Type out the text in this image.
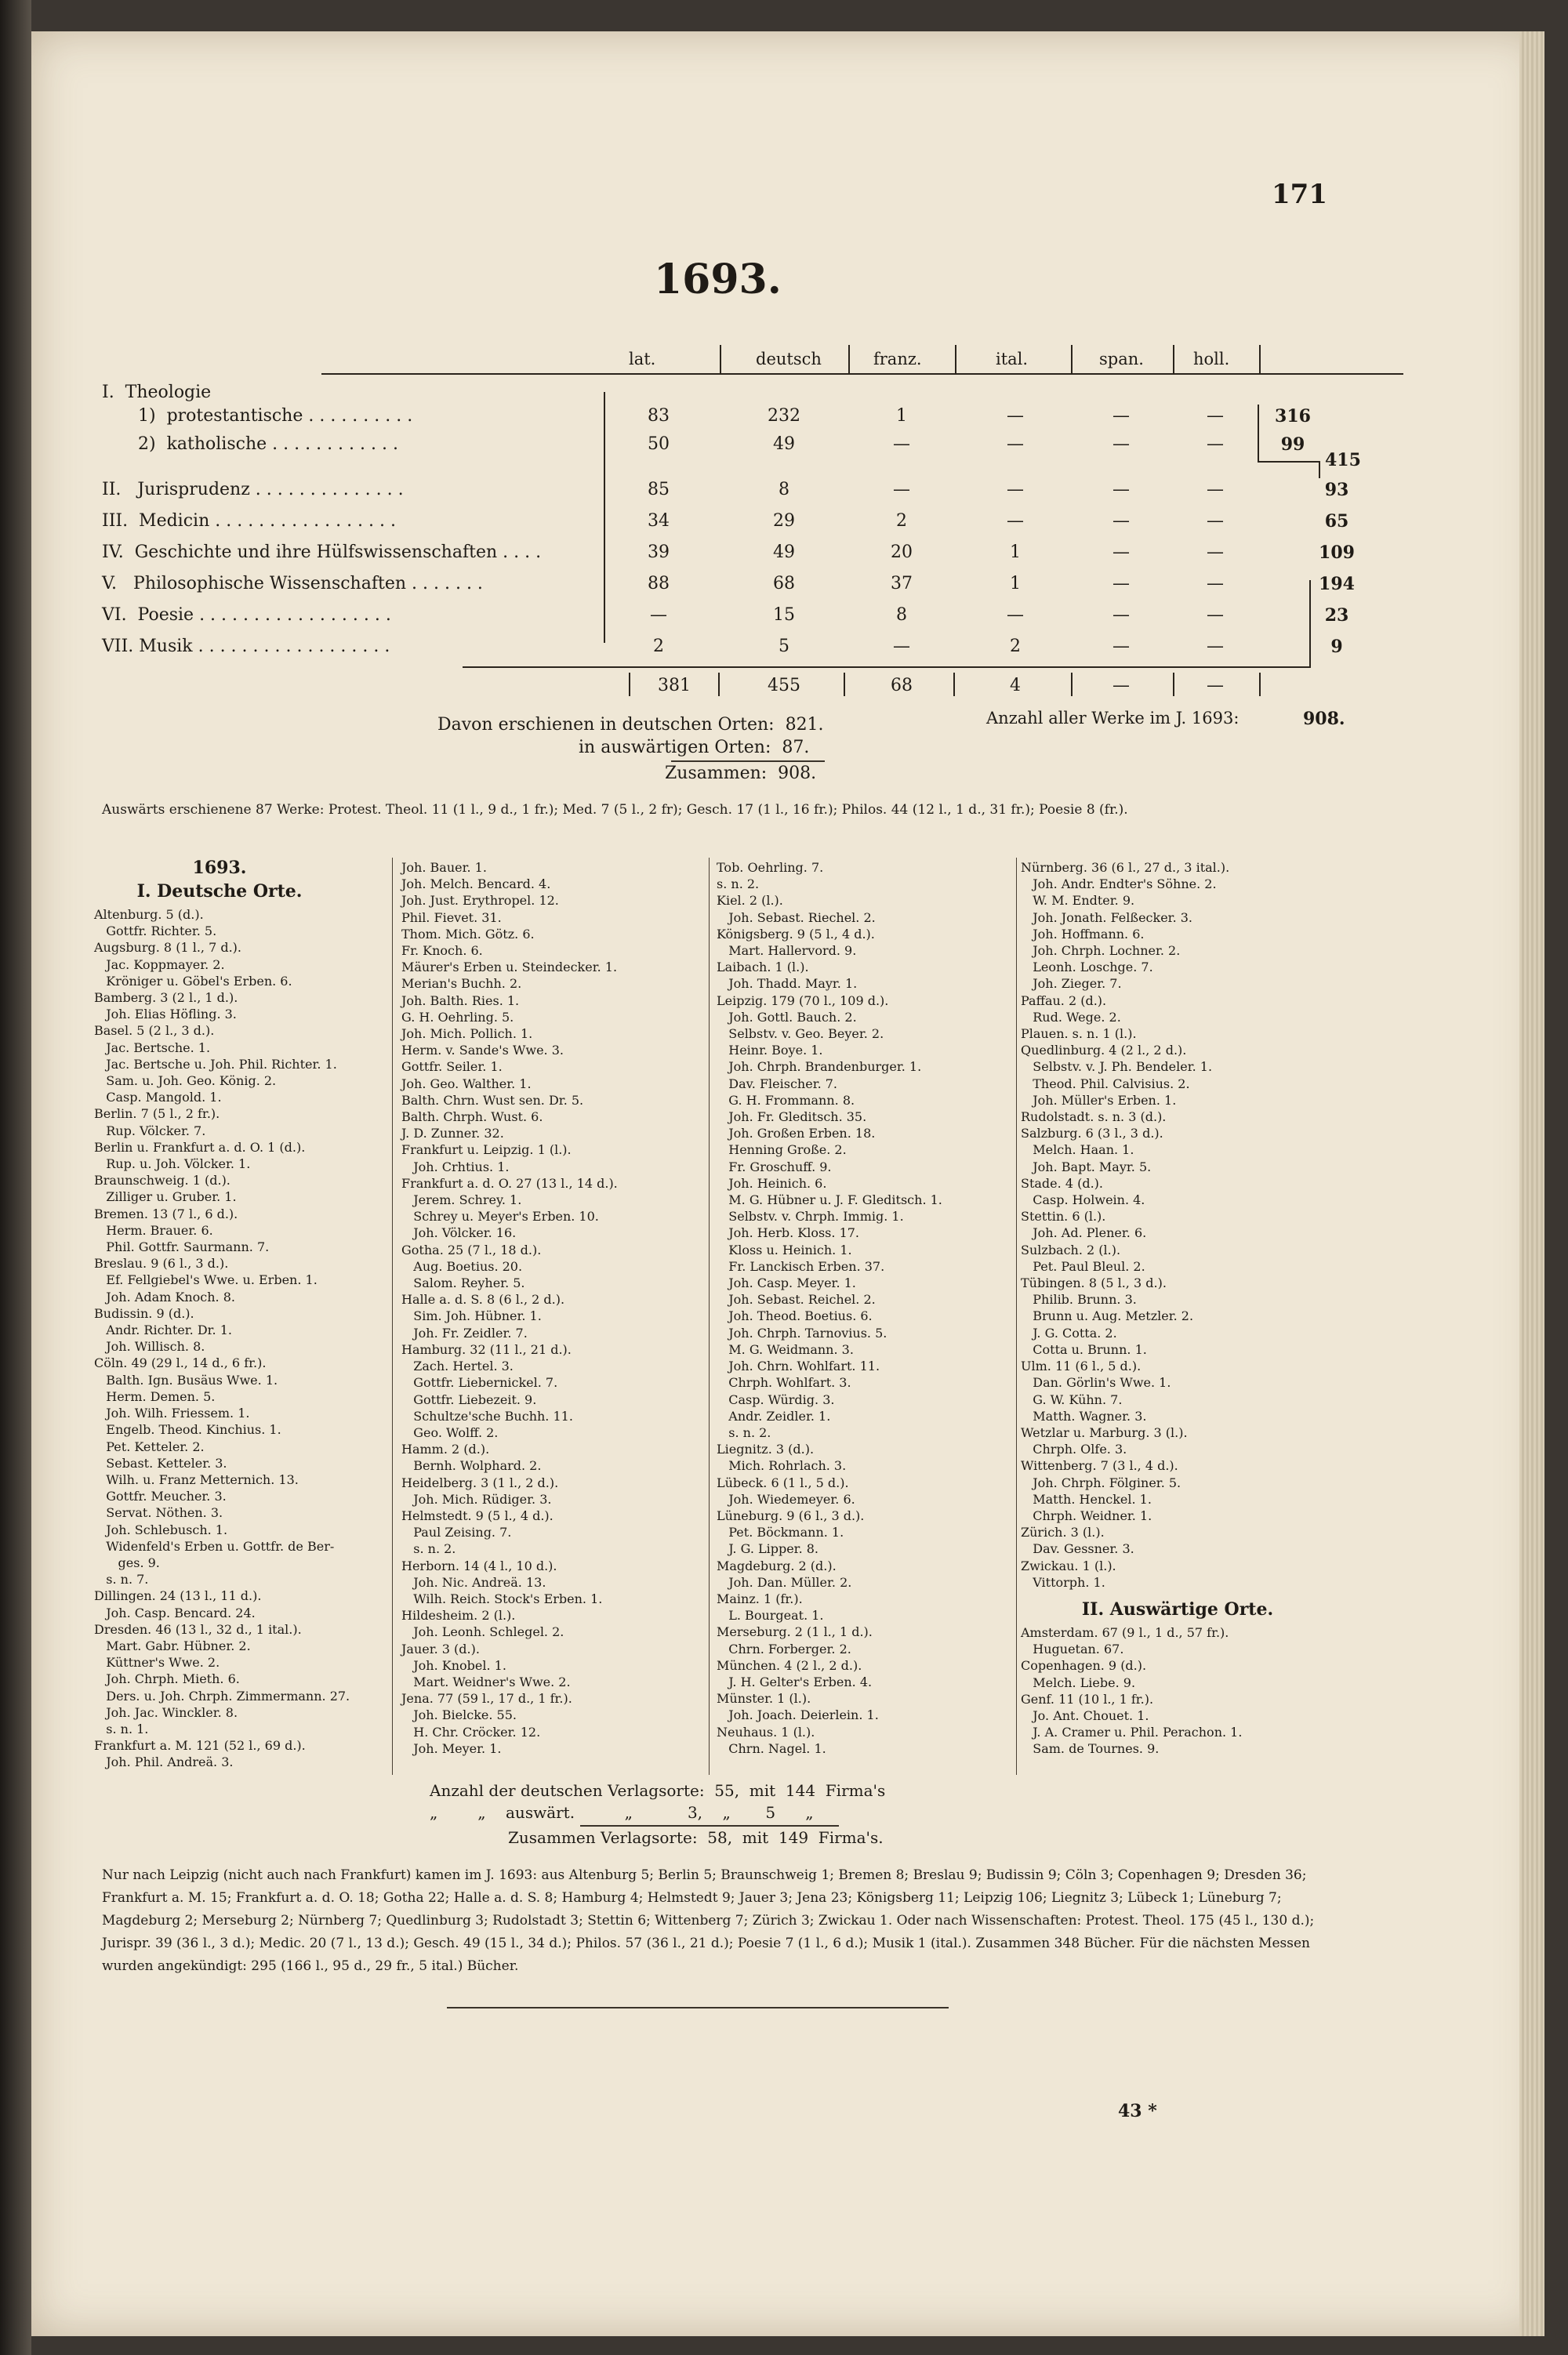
171
1693.
lat.	deutsch	franz.	ital.	span.	holl.
I.  Theologie
1)  protestantische . . . . . . . . . .	83	232	1	—	—	—	316
2)  katholische . . . . . . . . . . . .	50	49	—	—	—	—	99
415
II.   Jurisprudenz . . . . . . . . . . . . . .	85	8	—	—	—	—	93
III.  Medicin . . . . . . . . . . . . . . . . .	34	29	2	—	—	—	65
IV.  Geschichte und ihre Hülfswissenschaften . . . .	39	49	20	1	—	—	109
V.   Philosophische Wissenschaften . . . . . . .	88	68	37	1	—	—	194
VI.  Poesie . . . . . . . . . . . . . . . . . .	—	15	8	—	—	—	23
VII. Musik . . . . . . . . . . . . . . . . . .	2	5	—	2	—	—	9
381	455	68	4	—	—
Anzahl aller Werke im J. 1693:	908.
Davon erschienen in deutschen Orten:  821.
in auswärtigen Orten:  87.
Zusammen:  908.
Auswärts erschienene 87 Werke: Protest. Theol. 11 (1 l., 9 d., 1 fr.); Med. 7 (5 l., 2 fr); Gesch. 17 (1 l., 16 fr.); Philos. 44 (12 l., 1 d., 31 fr.); Poesie 8 (fr.).
1693.
I. Deutsche Orte.
Altenburg. 5 (d.).
Gottfr. Richter. 5.
Augsburg. 8 (1 l., 7 d.).
Jac. Koppmayer. 2.
Kröniger u. Göbel's Erben. 6.
Bamberg. 3 (2 l., 1 d.).
Joh. Elias Höfling. 3.
Basel. 5 (2 l., 3 d.).
Jac. Bertsche. 1.
Jac. Bertsche u. Joh. Phil. Richter. 1.
Sam. u. Joh. Geo. König. 2.
Casp. Mangold. 1.
Berlin. 7 (5 l., 2 fr.).
Rup. Völcker. 7.
Berlin u. Frankfurt a. d. O. 1 (d.).
Rup. u. Joh. Völcker. 1.
Braunschweig. 1 (d.).
Zilliger u. Gruber. 1.
Bremen. 13 (7 l., 6 d.).
Herm. Brauer. 6.
Phil. Gottfr. Saurmann. 7.
Breslau. 9 (6 l., 3 d.).
Ef. Fellgiebel's Wwe. u. Erben. 1.
Joh. Adam Knoch. 8.
Budissin. 9 (d.).
Andr. Richter. Dr. 1.
Joh. Willisch. 8.
Cöln. 49 (29 l., 14 d., 6 fr.).
Balth. Ign. Busäus Wwe. 1.
Herm. Demen. 5.
Joh. Wilh. Friessem. 1.
Engelb. Theod. Kinchius. 1.
Pet. Ketteler. 2.
Sebast. Ketteler. 3.
Wilh. u. Franz Metternich. 13.
Gottfr. Meucher. 3.
Servat. Nöthen. 3.
Joh. Schlebusch. 1.
Widenfeld's Erben u. Gottfr. de Ber-
ges. 9.
s. n. 7.
Dillingen. 24 (13 l., 11 d.).
Joh. Casp. Bencard. 24.
Dresden. 46 (13 l., 32 d., 1 ital.).
Mart. Gabr. Hübner. 2.
Küttner's Wwe. 2.
Joh. Chrph. Mieth. 6.
Ders. u. Joh. Chrph. Zimmermann. 27.
Joh. Jac. Winckler. 8.
s. n. 1.
Frankfurt a. M. 121 (52 l., 69 d.).
Joh. Phil. Andreä. 3.
Joh. Bauer. 1.
Joh. Melch. Bencard. 4.
Joh. Just. Erythropel. 12.
Phil. Fievet. 31.
Thom. Mich. Götz. 6.
Fr. Knoch. 6.
Mäurer's Erben u. Steindecker. 1.
Merian's Buchh. 2.
Joh. Balth. Ries. 1.
G. H. Oehrling. 5.
Joh. Mich. Pollich. 1.
Herm. v. Sande's Wwe. 3.
Gottfr. Seiler. 1.
Joh. Geo. Walther. 1.
Balth. Chrn. Wust sen. Dr. 5.
Balth. Chrph. Wust. 6.
J. D. Zunner. 32.
Frankfurt u. Leipzig. 1 (l.).
Joh. Crhtius. 1.
Frankfurt a. d. O. 27 (13 l., 14 d.).
Jerem. Schrey. 1.
Schrey u. Meyer's Erben. 10.
Joh. Völcker. 16.
Gotha. 25 (7 l., 18 d.).
Aug. Boetius. 20.
Salom. Reyher. 5.
Halle a. d. S. 8 (6 l., 2 d.).
Sim. Joh. Hübner. 1.
Joh. Fr. Zeidler. 7.
Hamburg. 32 (11 l., 21 d.).
Zach. Hertel. 3.
Gottfr. Liebernickel. 7.
Gottfr. Liebezeit. 9.
Schultze'sche Buchh. 11.
Geo. Wolff. 2.
Hamm. 2 (d.).
Bernh. Wolphard. 2.
Heidelberg. 3 (1 l., 2 d.).
Joh. Mich. Rüdiger. 3.
Helmstedt. 9 (5 l., 4 d.).
Paul Zeising. 7.
s. n. 2.
Herborn. 14 (4 l., 10 d.).
Joh. Nic. Andreä. 13.
Wilh. Reich. Stock's Erben. 1.
Hildesheim. 2 (l.).
Joh. Leonh. Schlegel. 2.
Jauer. 3 (d.).
Joh. Knobel. 1.
Mart. Weidner's Wwe. 2.
Jena. 77 (59 l., 17 d., 1 fr.).
Joh. Bielcke. 55.
H. Chr. Cröcker. 12.
Joh. Meyer. 1.
Tob. Oehrling. 7.
s. n. 2.
Kiel. 2 (l.).
Joh. Sebast. Riechel. 2.
Königsberg. 9 (5 l., 4 d.).
Mart. Hallervord. 9.
Laibach. 1 (l.).
Joh. Thadd. Mayr. 1.
Leipzig. 179 (70 l., 109 d.).
Joh. Gottl. Bauch. 2.
Selbstv. v. Geo. Beyer. 2.
Heinr. Boye. 1.
Joh. Chrph. Brandenburger. 1.
Dav. Fleischer. 7.
G. H. Frommann. 8.
Joh. Fr. Gleditsch. 35.
Joh. Großen Erben. 18.
Henning Große. 2.
Fr. Groschuff. 9.
Joh. Heinich. 6.
M. G. Hübner u. J. F. Gleditsch. 1.
Selbstv. v. Chrph. Immig. 1.
Joh. Herb. Kloss. 17.
Kloss u. Heinich. 1.
Fr. Lanckisch Erben. 37.
Joh. Casp. Meyer. 1.
Joh. Sebast. Reichel. 2.
Joh. Theod. Boetius. 6.
Joh. Chrph. Tarnovius. 5.
M. G. Weidmann. 3.
Joh. Chrn. Wohlfart. 11.
Chrph. Wohlfart. 3.
Casp. Würdig. 3.
Andr. Zeidler. 1.
s. n. 2.
Liegnitz. 3 (d.).
Mich. Rohrlach. 3.
Lübeck. 6 (1 l., 5 d.).
Joh. Wiedemeyer. 6.
Lüneburg. 9 (6 l., 3 d.).
Pet. Böckmann. 1.
J. G. Lipper. 8.
Magdeburg. 2 (d.).
Joh. Dan. Müller. 2.
Mainz. 1 (fr.).
L. Bourgeat. 1.
Merseburg. 2 (1 l., 1 d.).
Chrn. Forberger. 2.
München. 4 (2 l., 2 d.).
J. H. Gelter's Erben. 4.
Münster. 1 (l.).
Joh. Joach. Deierlein. 1.
Neuhaus. 1 (l.).
Chrn. Nagel. 1.
Nürnberg. 36 (6 l., 27 d., 3 ital.).
Joh. Andr. Endter's Söhne. 2.
W. M. Endter. 9.
Joh. Jonath. Felßecker. 3.
Joh. Hoffmann. 6.
Joh. Chrph. Lochner. 2.
Leonh. Loschge. 7.
Joh. Zieger. 7.
Paffau. 2 (d.).
Rud. Wege. 2.
Plauen. s. n. 1 (l.).
Quedlinburg. 4 (2 l., 2 d.).
Selbstv. v. J. Ph. Bendeler. 1.
Theod. Phil. Calvisius. 2.
Joh. Müller's Erben. 1.
Rudolstadt. s. n. 3 (d.).
Salzburg. 6 (3 l., 3 d.).
Melch. Haan. 1.
Joh. Bapt. Mayr. 5.
Stade. 4 (d.).
Casp. Holwein. 4.
Stettin. 6 (l.).
Joh. Ad. Plener. 6.
Sulzbach. 2 (l.).
Pet. Paul Bleul. 2.
Tübingen. 8 (5 l., 3 d.).
Philib. Brunn. 3.
Brunn u. Aug. Metzler. 2.
J. G. Cotta. 2.
Cotta u. Brunn. 1.
Ulm. 11 (6 l., 5 d.).
Dan. Görlin's Wwe. 1.
G. W. Kühn. 7.
Matth. Wagner. 3.
Wetzlar u. Marburg. 3 (l.).
Chrph. Olfe. 3.
Wittenberg. 7 (3 l., 4 d.).
Joh. Chrph. Fölginer. 5.
Matth. Henckel. 1.
Chrph. Weidner. 1.
Zürich. 3 (l.).
Dav. Gessner. 3.
Zwickau. 1 (l.).
Vittorph. 1.
II. Auswärtige Orte.
Amsterdam. 67 (9 l., 1 d., 57 fr.).
Huguetan. 67.
Copenhagen. 9 (d.).
Melch. Liebe. 9.
Genf. 11 (10 l., 1 fr.).
Jo. Ant. Chouet. 1.
J. A. Cramer u. Phil. Perachon. 1.
Sam. de Tournes. 9.
Anzahl der deutschen Verlagsorte:  55,  mit  144  Firma's
„        „    auswärt.          „           3,    „       5      „
Zusammen Verlagsorte:  58,  mit  149  Firma's.
Nur nach Leipzig (nicht auch nach Frankfurt) kamen im J. 1693: aus Altenburg 5; Berlin 5; Braunschweig 1; Bremen 8; Breslau 9; Budissin 9; Cöln 3; Copenhagen 9; Dresden 36; Frankfurt a. M. 15; Frankfurt a. d. O. 18; Gotha 22; Halle a. d. S. 8; Hamburg 4; Helmstedt 9; Jauer 3; Jena 23; Königsberg 11; Leipzig 106; Liegnitz 3; Lübeck 1; Lüneburg 7; Magdeburg 2; Merseburg 2; Nürnberg 7; Quedlinburg 3; Rudolstadt 3; Stettin 6; Wittenberg 7; Zürich 3; Zwickau 1. Oder nach Wissenschaften: Protest. Theol. 175 (45 l., 130 d.); Jurispr. 39 (36 l., 3 d.); Medic. 20 (7 l., 13 d.); Gesch. 49 (15 l., 34 d.); Philos. 57 (36 l., 21 d.); Poesie 7 (1 l., 6 d.); Musik 1 (ital.). Zusammen 348 Bücher. Für die nächsten Messen wurden angekündigt: 295 (166 l., 95 d., 29 fr., 5 ital.) Bücher.
43 *
